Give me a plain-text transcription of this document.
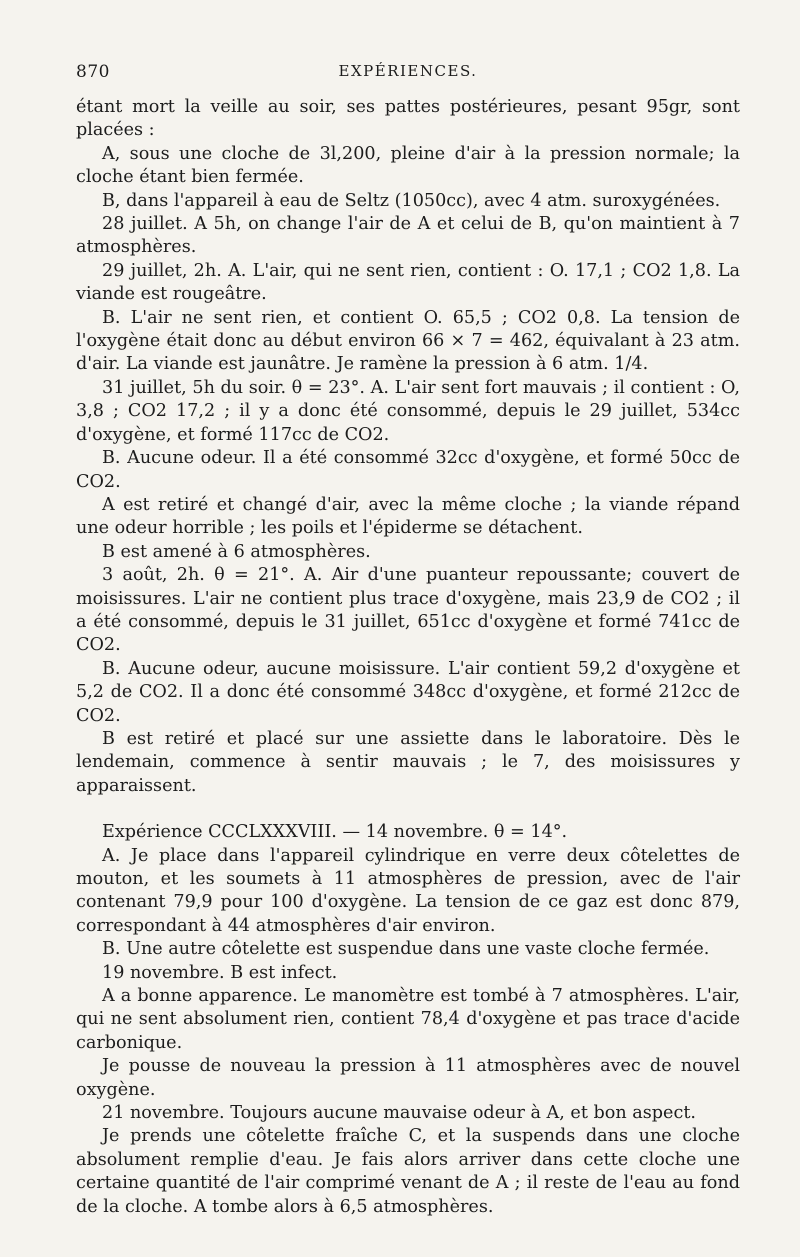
870	EXPÉRIENCES.

étant mort la veille au soir, ses pattes postérieures, pesant 95gr, sont placées :

A, sous une cloche de 3l,200, pleine d'air à la pression normale; la cloche étant bien fermée.

B, dans l'appareil à eau de Seltz (1050cc), avec 4 atm. suroxygénées.

28 juillet. A 5h, on change l'air de A et celui de B, qu'on maintient à 7 atmosphères.

29 juillet, 2h. A. L'air, qui ne sent rien, contient : O. 17,1 ; CO2 1,8. La viande est rougeâtre.

B. L'air ne sent rien, et contient O. 65,5 ; CO2 0,8. La tension de l'oxygène était donc au début environ 66 × 7 = 462, équivalant à 23 atm. d'air. La viande est jaunâtre. Je ramène la pression à 6 atm. 1/4.

31 juillet, 5h du soir. θ = 23°. A. L'air sent fort mauvais ; il contient : O, 3,8 ; CO2 17,2 ; il y a donc été consommé, depuis le 29 juillet, 534cc d'oxygène, et formé 117cc de CO2.

B. Aucune odeur. Il a été consommé 32cc d'oxygène, et formé 50cc de CO2.

A est retiré et changé d'air, avec la même cloche ; la viande répand une odeur horrible ; les poils et l'épiderme se détachent.

B est amené à 6 atmosphères.

3 août, 2h. θ = 21°. A. Air d'une puanteur repoussante; couvert de moisissures. L'air ne contient plus trace d'oxygène, mais 23,9 de CO2 ; il a été consommé, depuis le 31 juillet, 651cc d'oxygène et formé 741cc de CO2.

B. Aucune odeur, aucune moisissure. L'air contient 59,2 d'oxygène et 5,2 de CO2. Il a donc été consommé 348cc d'oxygène, et formé 212cc de CO2.

B est retiré et placé sur une assiette dans le laboratoire. Dès le lendemain, commence à sentir mauvais ; le 7, des moisissures y apparaissent.

Expérience CCCLXXXVIII. — 14 novembre. θ = 14°.

A. Je place dans l'appareil cylindrique en verre deux côtelettes de mouton, et les soumets à 11 atmosphères de pression, avec de l'air contenant 79,9 pour 100 d'oxygène. La tension de ce gaz est donc 879, correspondant à 44 atmosphères d'air environ.

B. Une autre côtelette est suspendue dans une vaste cloche fermée.

19 novembre. B est infect.

A a bonne apparence. Le manomètre est tombé à 7 atmosphères. L'air, qui ne sent absolument rien, contient 78,4 d'oxygène et pas trace d'acide carbonique.

Je pousse de nouveau la pression à 11 atmosphères avec de nouvel oxygène.

21 novembre. Toujours aucune mauvaise odeur à A, et bon aspect.

Je prends une côtelette fraîche C, et la suspends dans une cloche absolument remplie d'eau. Je fais alors arriver dans cette cloche une certaine quantité de l'air comprimé venant de A ; il reste de l'eau au fond de la cloche. A tombe alors à 6,5 atmosphères.
